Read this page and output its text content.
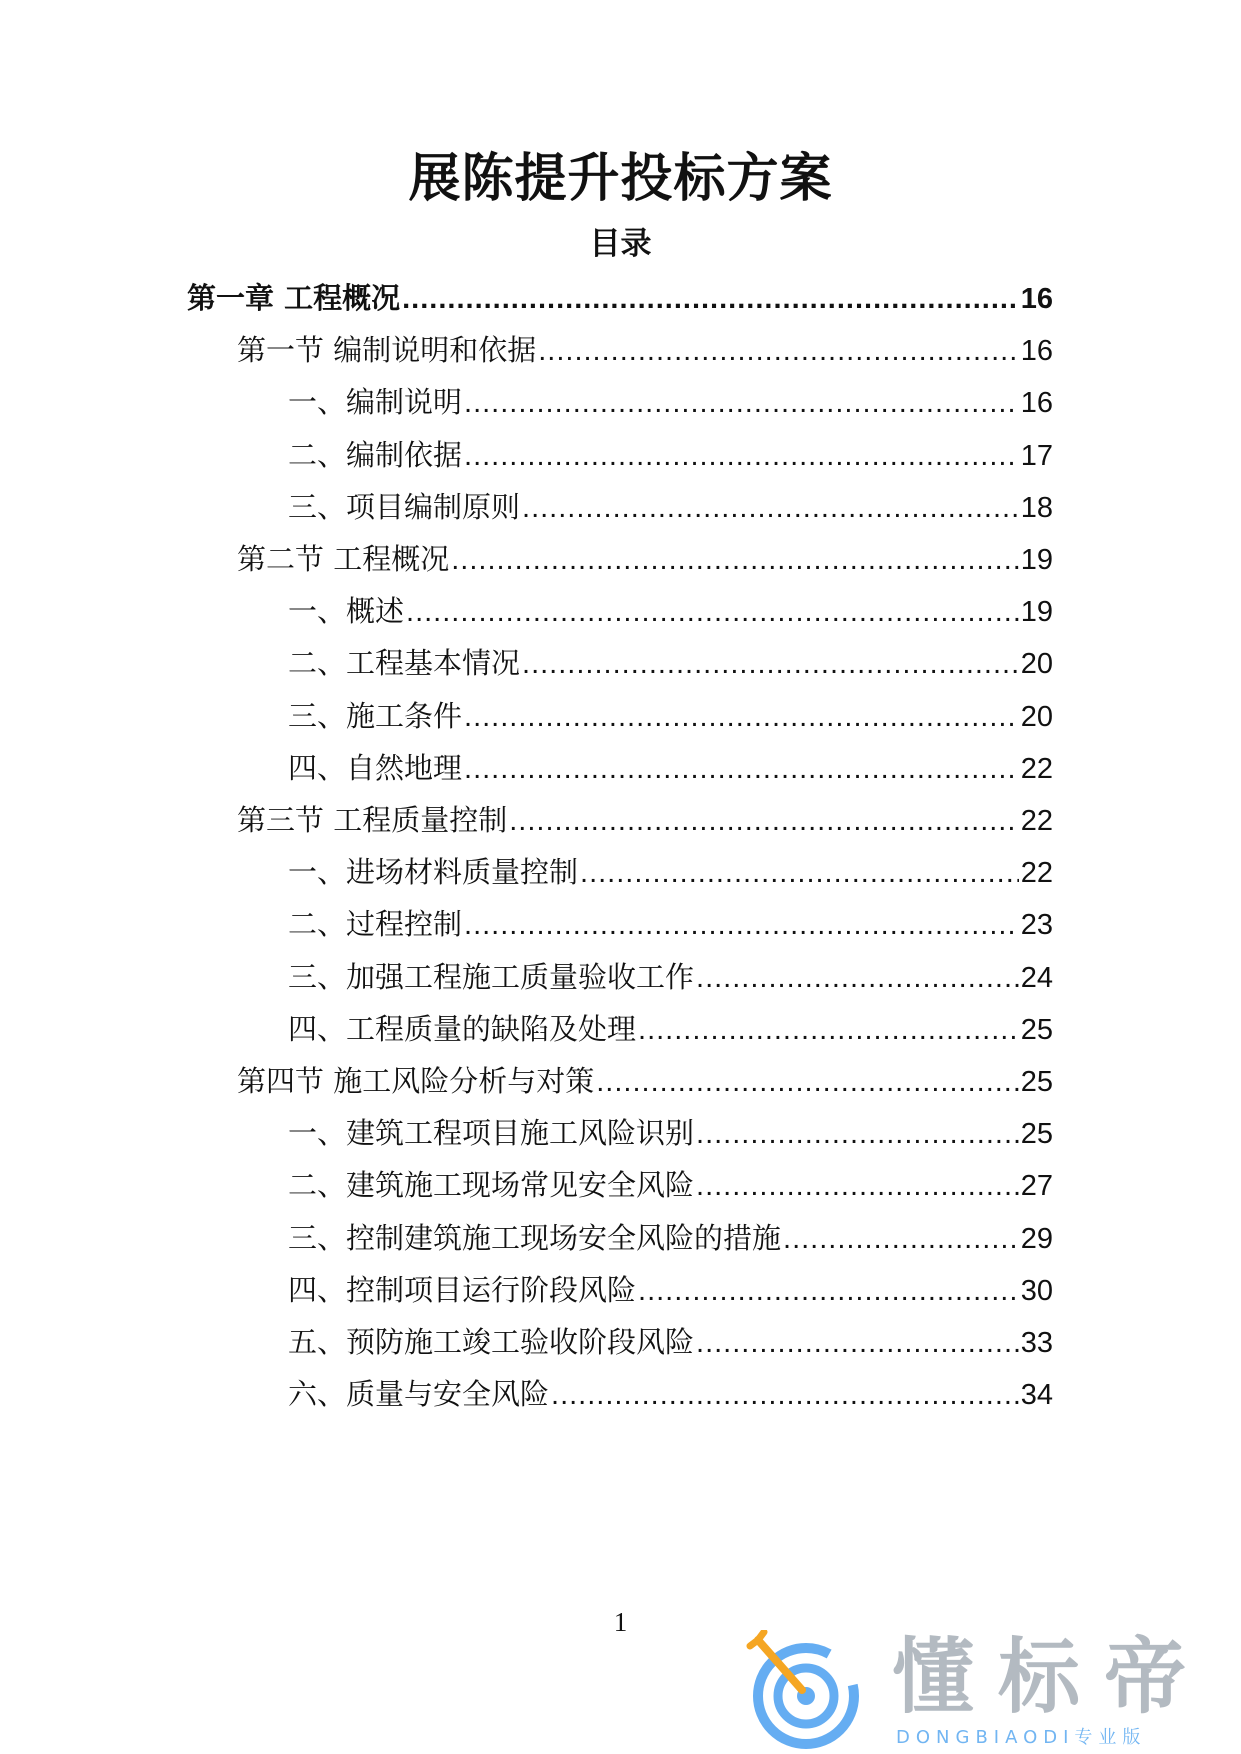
展陈提升投标方案
目录
第一章 工程概况 .....	16
第一节 编制说明和依据 .....	16
一、编制说明 .....	16
二、编制依据 .....	17
三、项目编制原则 .....	18
第二节 工程概况 .....	19
一、概述 .....	19
二、工程基本情况 .....	20
三、施工条件 .....	20
四、自然地理 .....	22
第三节 工程质量控制 .....	22
一、进场材料质量控制 .....	22
二、过程控制 .....	23
三、加强工程施工质量验收工作 .....	24
四、工程质量的缺陷及处理 .....	25
第四节 施工风险分析与对策 .....	25
一、建筑工程项目施工风险识别 .....	25
二、建筑施工现场常见安全风险 .....	27
三、控制建筑施工现场安全风险的措施 .....	29
四、控制项目运行阶段风险 .....	30
五、预防施工竣工验收阶段风险 .....	33
六、质量与安全风险 .....	34
1
懂标帝
DONGBIAODI专业版
